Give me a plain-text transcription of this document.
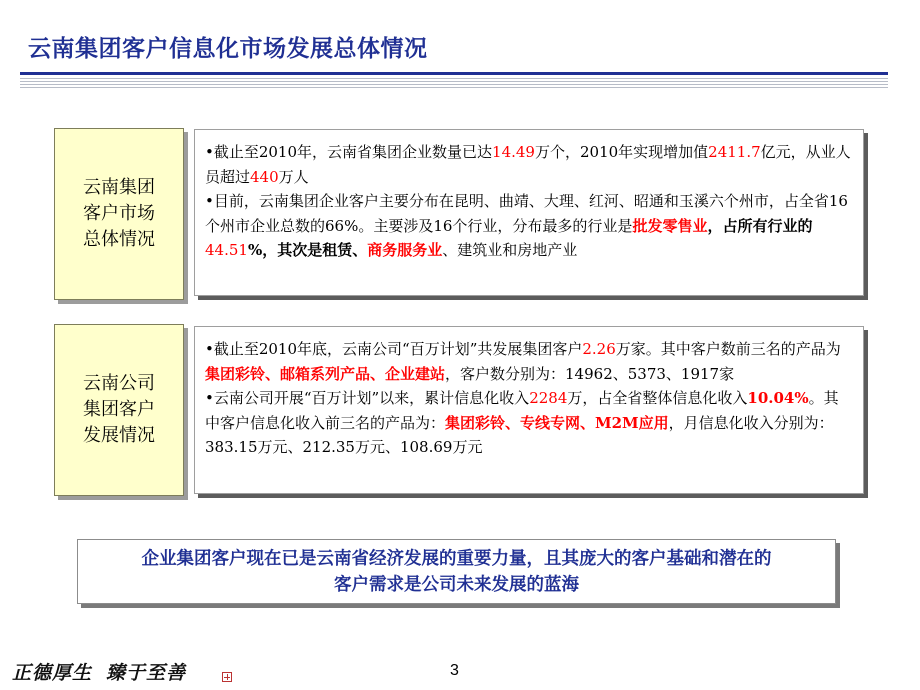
云南集团客户信息化市场发展总体情况
云南集团
客户市场
总体情况

•截止至2010年，云南省集团企业数量已达14.49万个，2010年实现增加值2411.7亿元，从业人员超过440万人

•目前，云南集团企业客户主要分布在昆明、曲靖、大理、红河、昭通和玉溪六个州市，占全省16个州市企业总数的66%。主要涉及16个行业，分布最多的行业是批发零售业，占所有行业的44.51%，其次是租赁、商务服务业、建筑业和房地产业

云南公司
集团客户
发展情况

•截止至2010年底，云南公司“百万计划”共发展集团客户2.26万家。其中客户数前三名的产品为集团彩铃、邮箱系列产品、企业建站，客户数分别为：14962、5373、1917家

•云南公司开展“百万计划”以来，累计信息化收入2284万，占全省整体信息化收入10.04%。其中客户信息化收入前三名的产品为：集团彩铃、专线专网、M2M应用，月信息化收入分别为：383.15万元、212.35万元、108.69万元

企业集团客户现在已是云南省经济发展的重要力量，且其庞大的客户基础和潜在的
客户需求是公司未来发展的蓝海
正德厚生 臻于至善	3
